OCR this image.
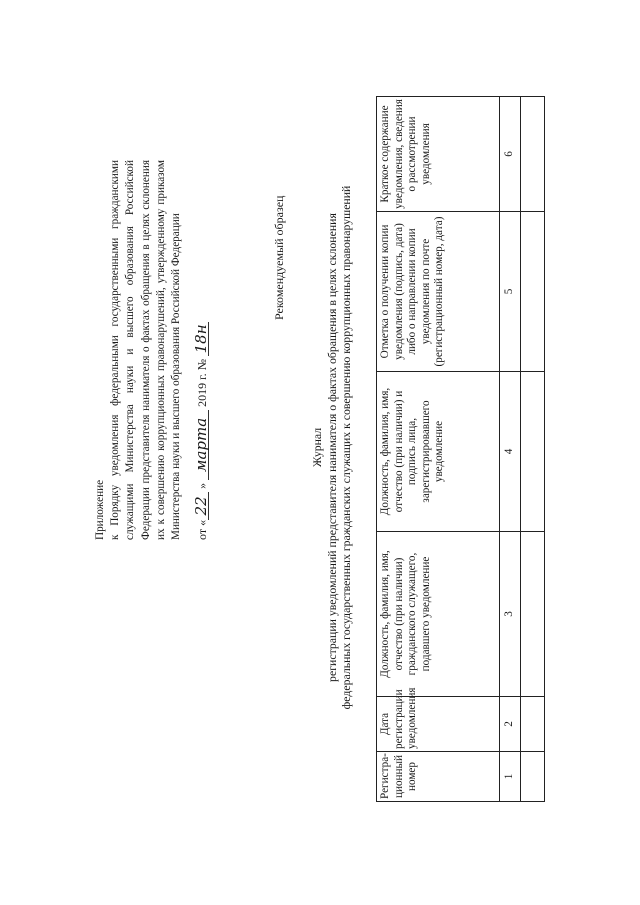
Приложение к Порядку уведомления федеральными государственными гражданскими служащими Министерства науки и высшего образования Российской Федерации представителя нанимателя о фактах обращения в целях склонения их к совершению коррупционных правонарушений, утвержденному приказом Министерства науки и высшего образования Российской Федерации от «22 » марта 2019 г. № 18н
Рекомендуемый образец
Журнал регистрации уведомлений представителя нанимателя о фактах обращения в целях склонения федеральных государственных гражданских служащих к совершению коррупционных правонарушений
Регистра-ционный номер	Дата регистрации уведомления	Должность, фамилия, имя, отчество (при наличии) гражданского служащего, подавшего уведомление	Должность, фамилия, имя, отчество (при наличии) и подпись лица, зарегистрировавшего уведомление	Отметка о получении копии уведомления (подпись, дата) либо о направлении копии уведомления по почте (регистрационный номер, дата)	Краткое содержание уведомления, сведения о рассмотрении уведомления
1	2	3	4	5	6
